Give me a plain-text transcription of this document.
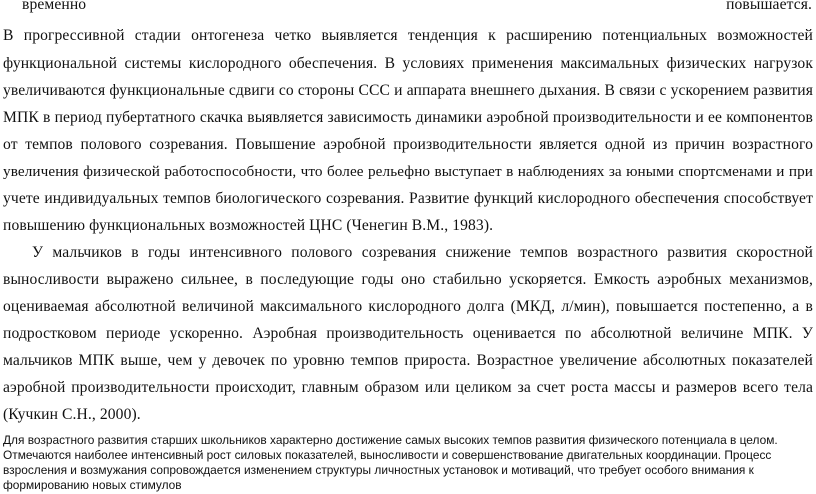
временно	повышается.
В прогрессивной стадии онтогенеза четко выявляется тенденция к расширению потенциальных возможностей
функциональной системы кислородного обеспечения. В условиях применения максимальных физических нагрузок
увеличиваются функциональные сдвиги со стороны ССС и аппарата внешнего дыхания. В связи с ускорением развития
МПК в период пубертатного скачка выявляется зависимость динамики аэробной производительности и ее компонентов
от темпов полового созревания. Повышение аэробной производительности является одной из причин возрастного
увеличения физической работоспособности, что более рельефно выступает в наблюдениях за юными спортсменами и при
учете индивидуальных темпов биологического созревания. Развитие функций кислородного обеспечения способствует
повышению функциональных возможностей ЦНС (Ченегин В.М., 1983).
У мальчиков в годы интенсивного полового созревания снижение темпов возрастного развития скоростной
выносливости выражено сильнее, в последующие годы оно стабильно ускоряется. Емкость аэробных механизмов,
оцениваемая абсолютной величиной максимального кислородного долга (МКД, л/мин), повышается постепенно, а в
подростковом периоде ускоренно. Аэробная производительность оценивается по абсолютной величине МПК. У
мальчиков МПК выше, чем у девочек по уровню темпов прироста. Возрастное увеличение абсолютных показателей
аэробной производительности происходит, главным образом или целиком за счет роста массы и размеров всего тела
(Кучкин С.Н., 2000).
Для возрастного развития старших школьников характерно достижение самых высоких темпов развития физического потенциала в целом.
Отмечаются наиболее интенсивный рост силовых показателей, выносливости и совершенствование двигательных координации. Процесс
взросления и возмужания сопровождается изменением структуры личностных установок и мотиваций, что требует особого внимания к
формированию новых стимулов
